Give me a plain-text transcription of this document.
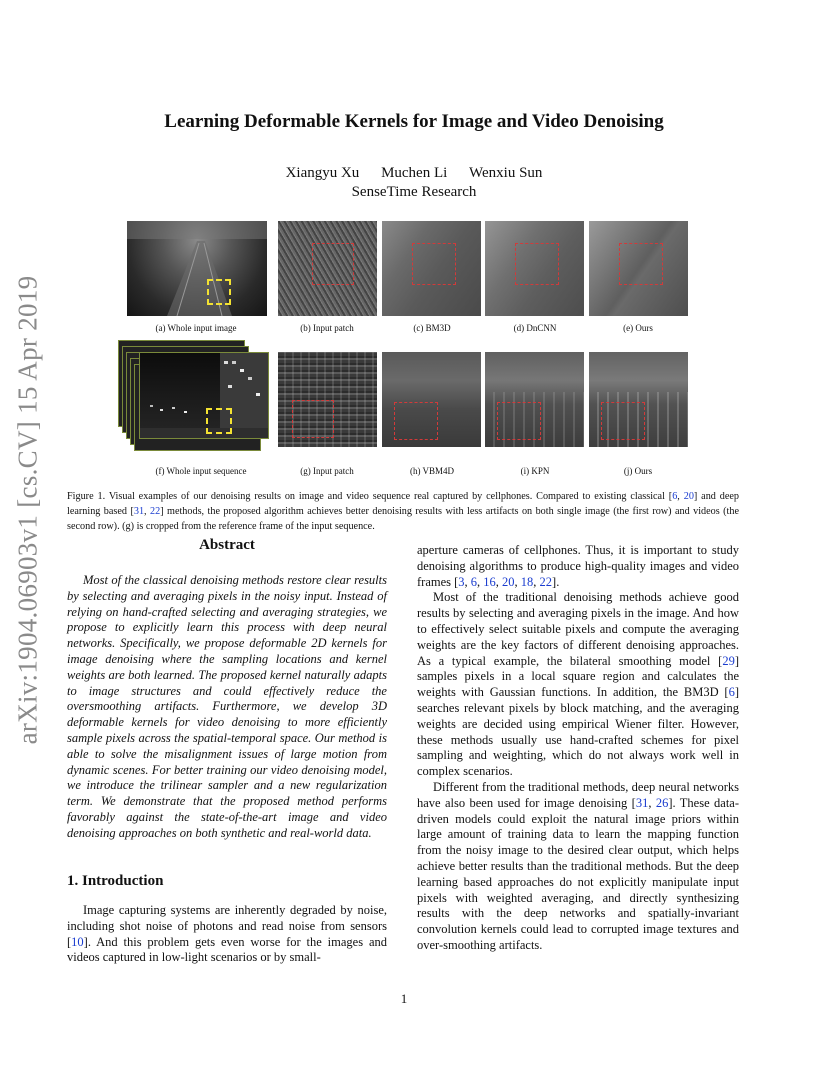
arXiv:1904.06903v1 [cs.CV] 15 Apr 2019
Learning Deformable Kernels for Image and Video Denoising
Xiangyu Xu Muchen Li Wenxiu Sun
SenseTime Research
(a) Whole input image	(b) Input patch	(c) BM3D	(d) DnCNN	(e) Ours
(f) Whole input sequence	(g) Input patch	(h) VBM4D	(i) KPN	(j) Ours
Figure 1. Visual examples of our denoising results on image and video sequence real captured by cellphones. Compared to existing classical [6, 20] and deep learning based [31, 22] methods, the proposed algorithm achieves better denoising results with less artifacts on both single image (the first row) and videos (the second row). (g) is cropped from the reference frame of the input sequence.
Abstract

Most of the classical denoising methods restore clear results by selecting and averaging pixels in the noisy input. Instead of relying on hand-crafted selecting and averaging strategies, we propose to explicitly learn this process with deep neural networks. Specifically, we propose deformable 2D kernels for image denoising where the sampling locations and kernel weights are both learned. The proposed kernel naturally adapts to image structures and could effectively reduce the oversmoothing artifacts. Furthermore, we develop 3D deformable kernels for video denoising to more efficiently sample pixels across the spatial-temporal space. Our method is able to solve the misalignment issues of large motion from dynamic scenes. For better training our video denoising model, we introduce the trilinear sampler and a new regularization term. We demonstrate that the proposed method performs favorably against the state-of-the-art image and video denoising approaches on both synthetic and real-world data.

1. Introduction

Image capturing systems are inherently degraded by noise, including shot noise of photons and read noise from sensors [10]. And this problem gets even worse for the images and videos captured in low-light scenarios or by small-

aperture cameras of cellphones. Thus, it is important to study denoising algorithms to produce high-quality images and video frames [3, 6, 16, 20, 18, 22].

Most of the traditional denoising methods achieve good results by selecting and averaging pixels in the image. And how to effectively select suitable pixels and compute the averaging weights are the key factors of different denoising approaches. As a typical example, the bilateral smoothing model [29] samples pixels in a local square region and calculates the weights with Gaussian functions. In addition, the BM3D [6] searches relevant pixels by block matching, and the averaging weights are decided using empirical Wiener filter. However, these methods usually use hand-crafted schemes for pixel sampling and weighting, which do not always work well in complex scenarios.

Different from the traditional methods, deep neural networks have also been used for image denoising [31, 26]. These data-driven models could exploit the natural image priors within large amount of training data to learn the mapping function from the noisy image to the desired clear output, which helps achieve better results than the traditional methods. But the deep learning based approaches do not explicitly manipulate input pixels with weighted averaging, and directly synthesizing results with the deep networks and spatially-invariant convolution kernels could lead to corrupted image textures and over-smoothing artifacts.

1
